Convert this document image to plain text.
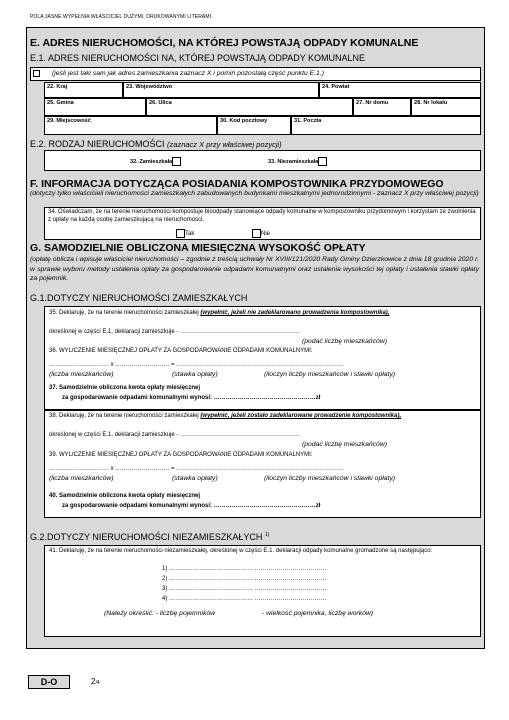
POLA JASNE WYPEŁNIA WŁAŚCICIEL DUŻYMI, DRUKOWANYMI LITERAMI.
E. ADRES NIERUCHOMOŚCI, NA KTÓREJ POWSTAJĄ ODPADY KOMUNALNE
E.1. ADRES NIERUCHOMOŚCI NA, KTÓREJ POWSTAJĄ ODPADY KOMUNALNE
(jeśli jest taki sam jak adres zamieszkania zaznacz X i pomiń pozostałą część punktu E.1.)
22. Kraj	23. Województwo	24. Powiat
25. Gmina	26. Ulica	27. Nr domu	28. Nr lokalu
29. Miejscowość	30. Kod pocztowy	31. Poczta
E.2. RODZAJ NIERUCHOMOŚCI (zaznacz X przy właściwej pozycji)
32. Zamieszkała	33. Niezamieszkała
F. INFORMACJA DOTYCZĄCA POSIADANIA KOMPOSTOWNIKA PRZYDOMOWEGO
(dotyczy tylko właścicieli nieruchomości zamieszkałych zabudowanych budynkami mieszkalnymi jednorodzinnymi - zaznacz X przy właściwej pozycji)
34. Oświadczam, że na terenie nieruchomości kompostuje bioodpady stanowiące odpady komunalne w kompostowniku przydomowym i korzystam ze zwolnienia z opłaty na każdą osobę zamieszkującą na nieruchomości.
Tak	Nie
G. SAMODZIELNIE OBLICZONA MIESIĘCZNA WYSOKOŚĆ OPŁATY
(opłatę oblicza i wpisuje właściciel nieruchomości – zgodnie z treścią uchwały Nr XVIII/121/2020 Rady Gminy Dzierzkowice z dnia 18 grudnia 2020 r. w sprawie wyboru metody ustalenia opłaty za gospodarowanie odpadami komunalnymi oraz ustalenia wysokości tej opłaty i ustalenia stawki opłaty za pojemnik.
G.1.DOTYCZY NIERUCHOMOŚCI ZAMIESZKAŁYCH
35. Deklaruję, że na terenie nieruchomości zamieszkałej (wypełnić, jeżeli nie zadeklarowano prowadzenia kompostownika),
określonej w części E.1. deklaracji zamieszkuje - ……………………………………………………
(podać liczbę mieszkańców)
36. WYLICZENIE MIESIĘCZNEJ OPŁATY ZA GOSPODAROWANIE ODPADAMI KOMUNALNYMI:
………………………… x ……………………… = …………………………………………………………………………
(liczba mieszkańców)	(stawka opłaty)	(iloczyn liczby mieszkańców i stawki opłaty)
37. Samodzielnie obliczona kwota opłaty miesięcznej
za gospodarowanie odpadami komunalnymi wynosi: ……………………………………………zł
38. Deklaruję, że na terenie nieruchomości zamieszkałej (wypełnić, jeżeli zostało zadeklarowane prowadzenie kompostownika),
określonej w części E.1. deklaracji zamieszkuje - ……………………………………………………
(podać liczbę mieszkańców)
39. WYLICZENIE MIESIĘCZNEJ OPŁATY ZA GOSPODAROWANIE ODPADAMI KOMUNALNYMI:
………………………… x ……………………… = …………………………………………………………………………
(liczba mieszkańców)	(stawka opłaty)	(iloczyn liczby mieszkańców i stawki opłaty)
40. Samodzielnie obliczona kwota opłaty miesięcznej
za gospodarowanie odpadami komunalnymi wynosi: ……………………………………………zł
G.2.DOTYCZY NIERUCHOMOŚCI NIEZAMIESZKAŁYCH $^{1)}$
41. Deklaruję, że na terenie nieruchomości niezamieszkałej, określonej w części E.1. deklaracji odpady komunalne gromadzone są następująco:
1) …………………………………… ………………………………
2) …………………………………… ………………………………
3) …………………………………… ………………………………
4) …………………………………… ………………………………
(Należy określić: - liczbę pojemników	- wielkość pojemnika, liczbę worków)
D-O	2/4
